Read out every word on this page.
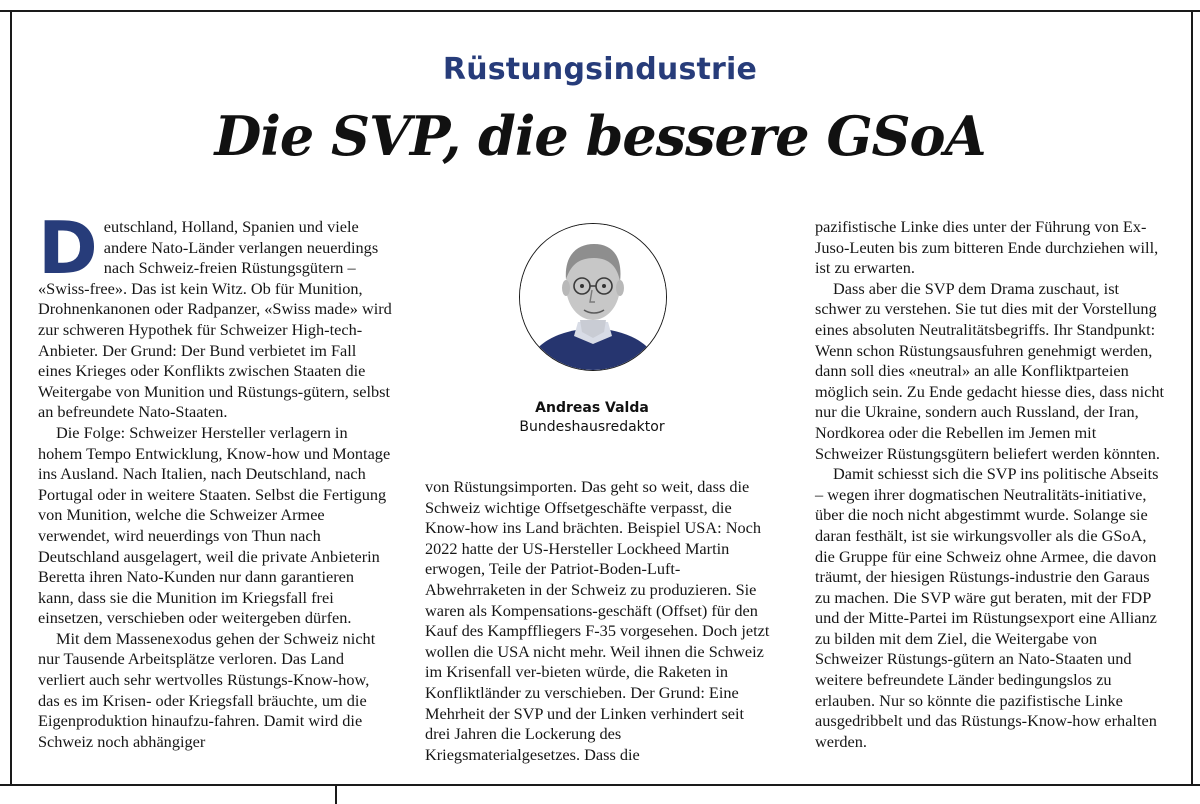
Rüstungsindustrie
Die SVP, die bessere GSoA

Deutschland, Holland, Spanien und viele andere Nato-Länder verlangen neuerdings nach Schweiz-freien Rüstungsgütern – «Swiss-free». Das ist kein Witz. Ob für Munition, Drohnenkanonen oder Radpanzer, «Swiss made» wird zur schweren Hypothek für Schweizer High-tech-Anbieter. Der Grund: Der Bund verbietet im Fall eines Krieges oder Konflikts zwischen Staaten die Weitergabe von Munition und Rüstungs-gütern, selbst an befreundete Nato-Staaten.

Die Folge: Schweizer Hersteller verlagern in hohem Tempo Entwicklung, Know-how und Montage ins Ausland. Nach Italien, nach Deutschland, nach Portugal oder in weitere Staaten. Selbst die Fertigung von Munition, welche die Schweizer Armee verwendet, wird neuerdings von Thun nach Deutschland ausgelagert, weil die private Anbieterin Beretta ihren Nato-Kunden nur dann garantieren kann, dass sie die Munition im Kriegsfall frei einsetzen, verschieben oder weitergeben dürfen.

Mit dem Massenexodus gehen der Schweiz nicht nur Tausende Arbeitsplätze verloren. Das Land verliert auch sehr wertvolles Rüstungs-Know-how, das es im Krisen- oder Kriegsfall bräuchte, um die Eigenproduktion hinaufzu-fahren. Damit wird die Schweiz noch abhängiger

Andreas Valda
Bundeshausredaktor

von Rüstungsimporten. Das geht so weit, dass die Schweiz wichtige Offsetgeschäfte verpasst, die Know-how ins Land brächten. Beispiel USA: Noch 2022 hatte der US-Hersteller Lockheed Martin erwogen, Teile der Patriot-Boden-Luft-Abwehrraketen in der Schweiz zu produzieren. Sie waren als Kompensations-geschäft (Offset) für den Kauf des Kampffliegers F-35 vorgesehen. Doch jetzt wollen die USA nicht mehr. Weil ihnen die Schweiz im Krisenfall ver-bieten würde, die Raketen in Konfliktländer zu verschieben. Der Grund: Eine Mehrheit der SVP und der Linken verhindert seit drei Jahren die Lockerung des Kriegsmaterialgesetzes. Dass die

pazifistische Linke dies unter der Führung von Ex-Juso-Leuten bis zum bitteren Ende durchziehen will, ist zu erwarten.

Dass aber die SVP dem Drama zuschaut, ist schwer zu verstehen. Sie tut dies mit der Vorstellung eines absoluten Neutralitätsbegriffs. Ihr Standpunkt: Wenn schon Rüstungsausfuhren genehmigt werden, dann soll dies «neutral» an alle Konfliktparteien möglich sein. Zu Ende gedacht hiesse dies, dass nicht nur die Ukraine, sondern auch Russland, der Iran, Nordkorea oder die Rebellen im Jemen mit Schweizer Rüstungsgütern beliefert werden könnten.

Damit schiesst sich die SVP ins politische Abseits – wegen ihrer dogmatischen Neutralitäts-initiative, über die noch nicht abgestimmt wurde. Solange sie daran festhält, ist sie wirkungsvoller als die GSoA, die Gruppe für eine Schweiz ohne Armee, die davon träumt, der hiesigen Rüstungs-industrie den Garaus zu machen. Die SVP wäre gut beraten, mit der FDP und der Mitte-Partei im Rüstungsexport eine Allianz zu bilden mit dem Ziel, die Weitergabe von Schweizer Rüstungs-gütern an Nato-Staaten und weitere befreundete Länder bedingungslos zu erlauben. Nur so könnte die pazifistische Linke ausgedribbelt und das Rüstungs-Know-how erhalten werden.
